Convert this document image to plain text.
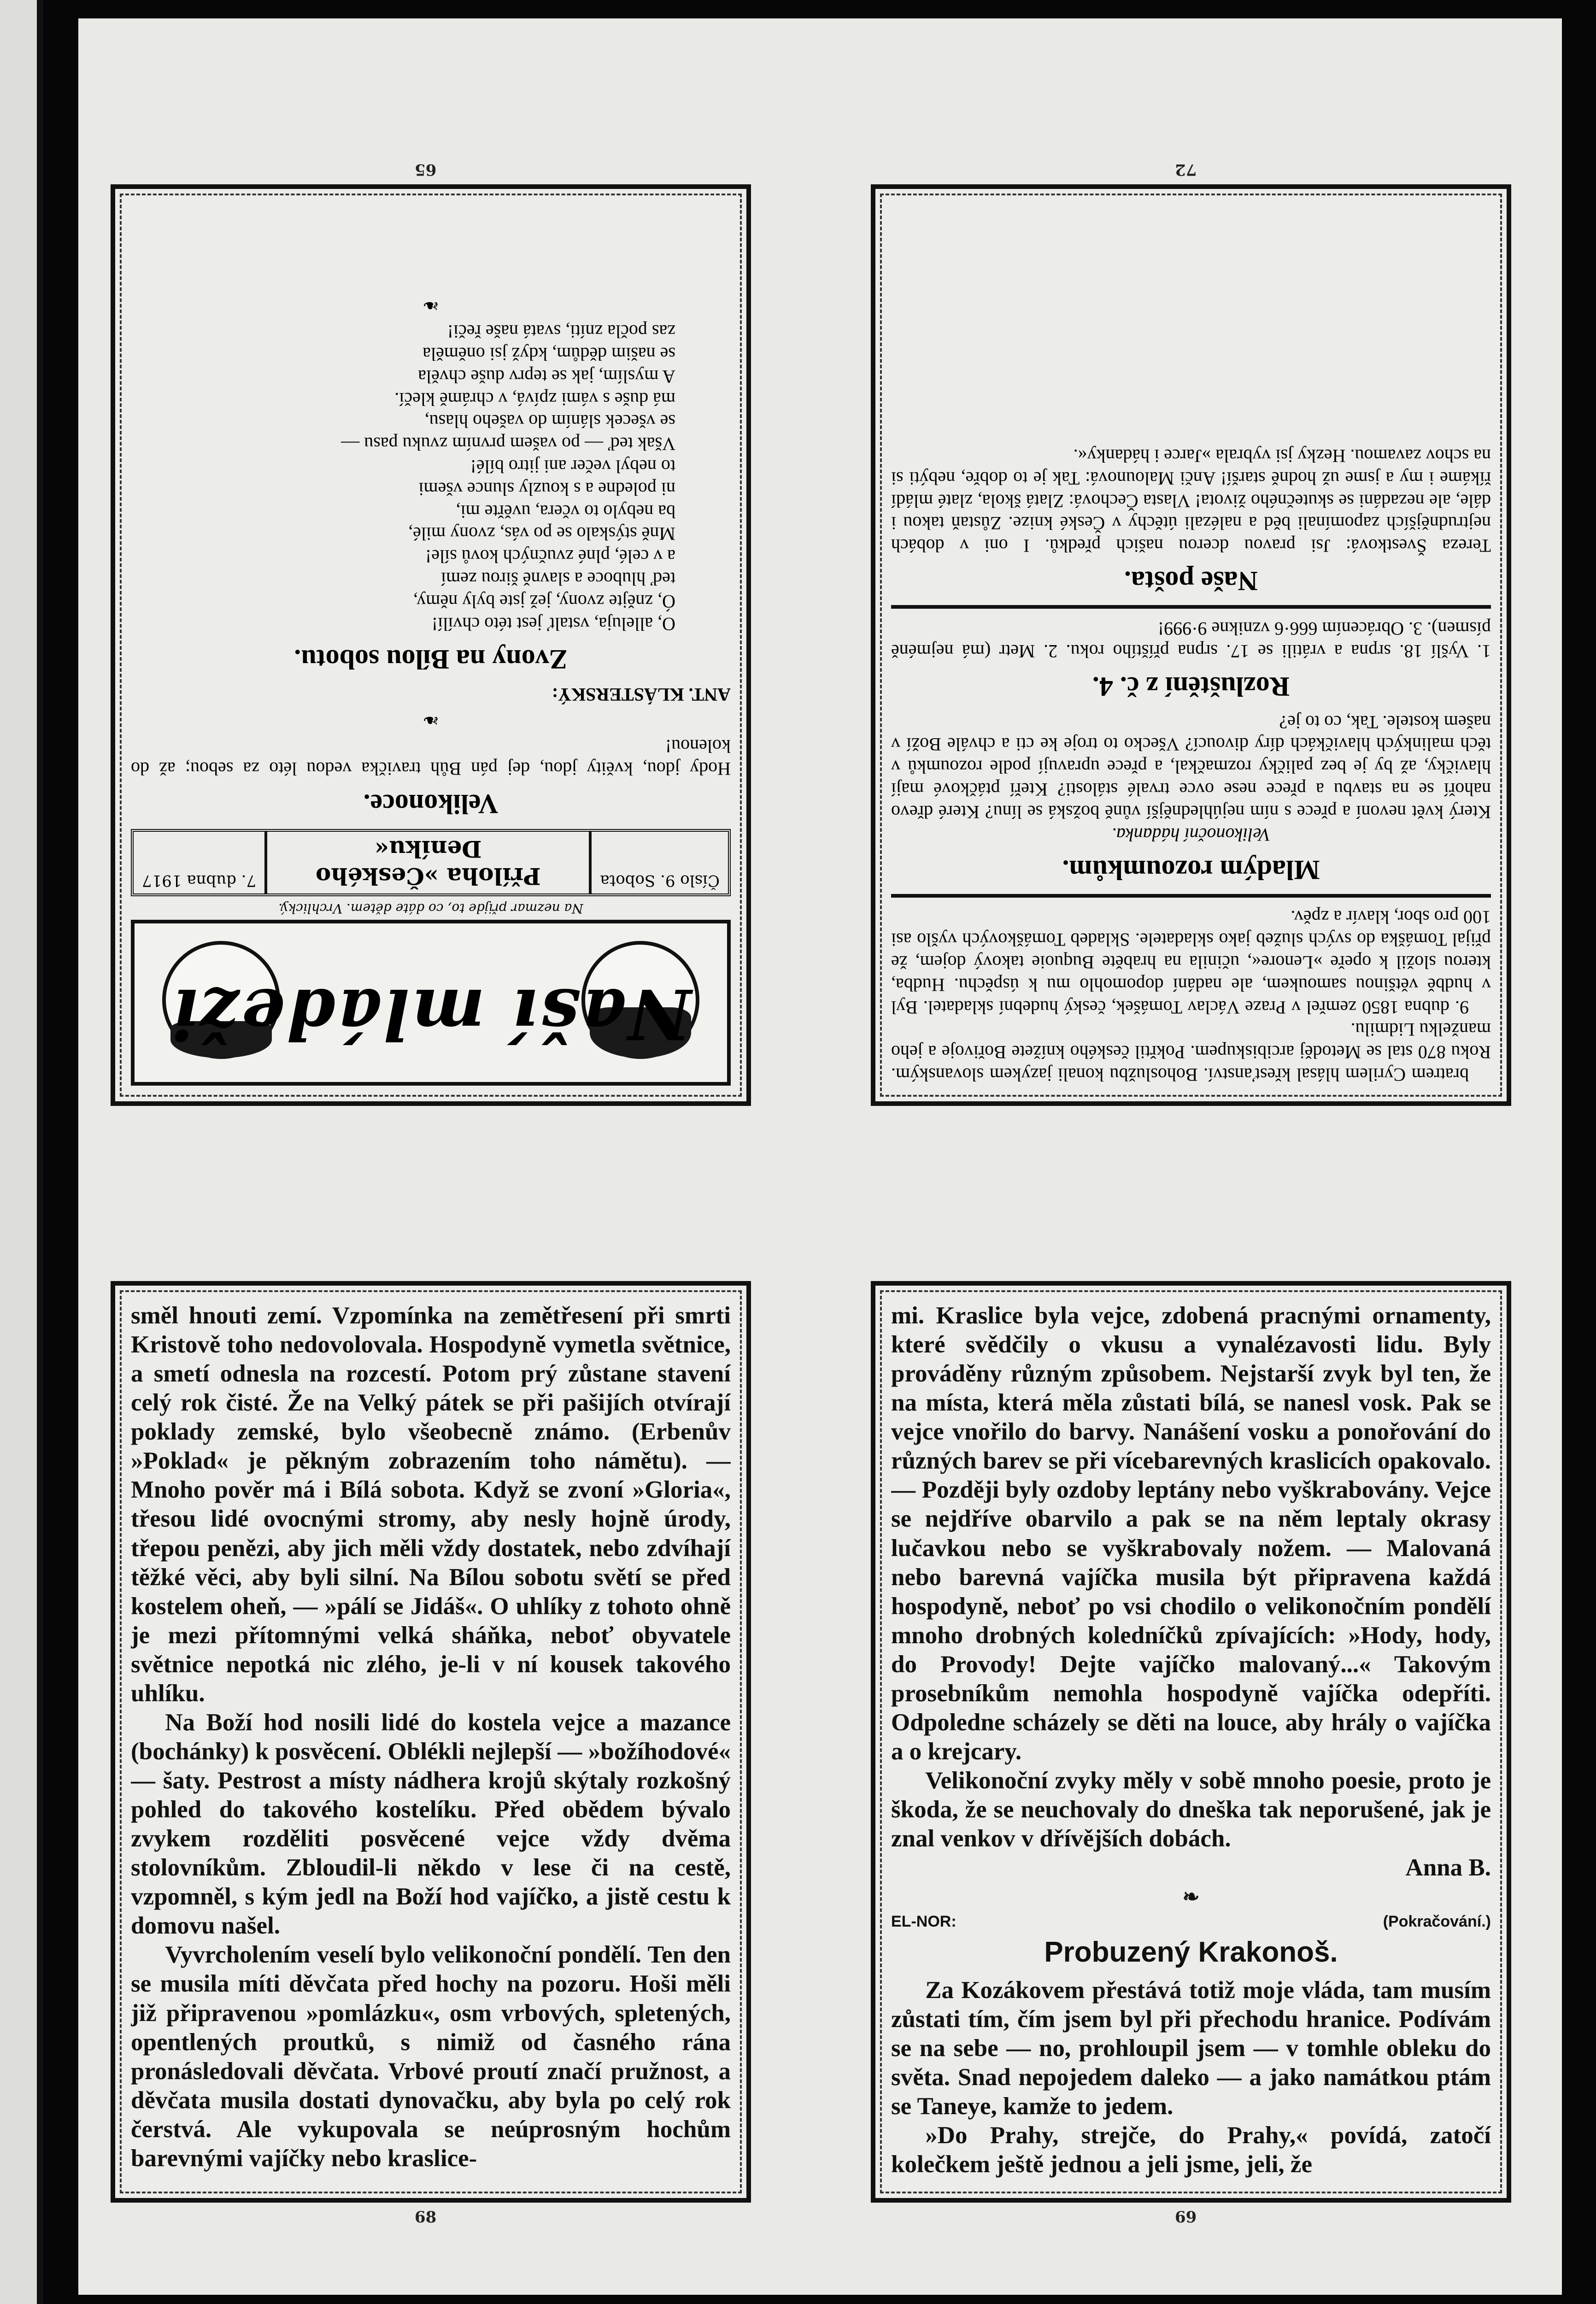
Naší mládeži
Na nezmar přijde to, co dáte dětem. Vrchlický.
Číslo 9. Sobota
Příloha »Českého Deníku«
7. dubna 1917
Velikonoce.

Hody jdou, kvěity jdou, dej pán Bůh travička vedou léto za sebou; až do kolenou!

❧
ANT. KLÁSTERSKÝ:
Zvony na Bílou sobotu.
O, alleluja, vstalť jest této chvílí!
Ó, znějte zvony, jež jste byly němy,
teď hluboce a slavně širou zemí
a v celé, plné zvučných kovů síle!
Mně stýskalo se po vás, zvony milé,
ba nebylo to včera, uvěřte mi,
ni poledne a s kouzly slunce všemi
to nebyl večer ani jitro bílé!
Však teď — po vašem prvním zvuku pasu —
se všecek sláním do vašeho hlasu,
má duše s vámi zpívá, v chrámě klečí.
A myslím, jak se teprv duše chvěla
se našim dědům, když jsi oněměla
zas počla zníti, svatá naše řeči!
❧
65

bratrem Cyrilem hlásal křesťanství. Bohoslužbu konali jazykem slovanským. Roku 870 stal se Metoděj arcibiskupem. Pokřtil českého knížete Bořivoje a jeho manželku Lidmilu.

9. dubna 1850 zemřel v Praze Václav Tomášek, český hudební skladatel. Byl v hudbě většinou samoukem, ale nadání dopomohlo mu k úspěchu. Hudba, kterou složil k opeře »Lenore«, učinila na hraběte Buquoie takový dojem, že přijal Tomáška do svých služeb jako skladatele. Skladeb Tomáškových vyšlo asi 100 pro sbor, klavír a zpěv.

Mladým rozoumkům.
Velikonoční hádanka.

Který květ nevoní a přece s ním nejúhlednější vůně božská se línu? Které dřevo nahoří se na stavbu a přece nese ovce trvalé stálosti? Kteří ptáčkové mají hlavičky, až by je bez paličky rozmačkal, a přece upravují podle rozoumků v těch malinkých hlavičkách díry divoucí? Všecko to troje ke cti a chvále Boží v našem kostele. Tak, co to je?

Rozluštění z č. 4.

1. Vyšlí 18. srpna a vrátili se 17. srpna příštího roku. 2. Metr (má nejméně písmen). 3. Obrácením 666·6 vznikne 9·999!

Naše pošta.

Tereza Švestková: Jsi pravou dcerou našich předků. I oni v dobách nejtrudnějších zapomínali běd a nalézali útěchy v České knize. Zůstaň takou i dále, ale nezadáni se skutečného života! Vlasta Čechová: Zlatá škola, zlaté mládí říkáme i my a jsme už hodně starší! Anči Malounová: Tak je to dobře, nebýti si na schov zavamou. Hezky jsi vybrala »Jarce i hádanky«.

72

směl hnouti zemí. Vzpomínka na zemětřesení při smrti Kristově toho nedovolovala. Hospodyně vymetla světnice, a smetí odnesla na rozcestí. Potom prý zůstane stavení celý rok čisté. Že na Velký pátek se při pašijích otvírají poklady zemské, bylo všeobecně známo. (Erbenův »Poklad« je pěkným zobrazením toho námětu). — Mnoho pověr má i Bílá sobota. Když se zvoní »Gloria«, třesou lidé ovocnými stromy, aby nesly hojně úrody, třepou penězi, aby jich měli vždy dostatek, nebo zdvíhají těžké věci, aby byli silní. Na Bílou sobotu světí se před kostelem oheň, — »pálí se Jidáš«. O uhlíky z tohoto ohně je mezi přítomnými velká sháňka, neboť obyvatele světnice nepotká nic zlého, je-li v ní kousek takového uhlíku.

Na Boží hod nosili lidé do kostela vejce a mazance (bochánky) k posvěcení. Oblékli nejlepší — »božíhodové« — šaty. Pestrost a místy nádhera krojů skýtaly rozkošný pohled do takového kostelíku. Před obědem bývalo zvykem rozděliti posvěcené vejce vždy dvěma stolovníkům. Zbloudil-li někdo v lese či na cestě, vzpomněl, s kým jedl na Boží hod vajíčko, a jistě cestu k domovu našel.

Vyvrcholením veselí bylo velikonoční pondělí. Ten den se musila míti děvčata před hochy na pozoru. Hoši měli již připravenou »pomlázku«, osm vrbových, spletených, opentlených proutků, s nimiž od časného rána pronásledovali děvčata. Vrbové proutí značí pružnost, a děvčata musila dostati dynovačku, aby byla po celý rok čerstvá. Ale vykupovala se neúprosným hochům barevnými vajíčky nebo kraslice-

68

mi. Kraslice byla vejce, zdobená pracnými ornamenty, které svědčily o vkusu a vynalézavosti lidu. Byly prováděny různým způsobem. Nejstarší zvyk byl ten, že na místa, která měla zůstati bílá, se nanesl vosk. Pak se vejce vnořilo do barvy. Nanášení vosku a ponořování do různých barev se při vícebarevných kraslicích opakovalo. — Později byly ozdoby leptány nebo vyškrabovány. Vejce se nejdříve obarvilo a pak se na něm leptaly okrasy lučavkou nebo se vyškrabovaly nožem. — Malovaná nebo barevná vajíčka musila být připravena každá hospodyně, neboť po vsi chodilo o velikonočním pondělí mnoho drobných koledníčků zpívajících: »Hody, hody, do Provody! Dejte vajíčko malovaný...« Takovým prosebníkům nemohla hospodyně vajíčka odepříti. Odpoledne scházely se děti na louce, aby hrály o vajíčka a o krejcary.

Velikonoční zvyky měly v sobě mnoho poesie, proto je škoda, že se neuchovaly do dneška tak neporušené, jak je znal venkov v dřívějších dobách.

Anna B.
❧
EL-NOR:	(Pokračování.)
Probuzený Krakonoš.

Za Kozákovem přestává totiž moje vláda, tam musím zůstati tím, čím jsem byl při přechodu hranice. Podívám se na sebe — no, prohloupil jsem — v tomhle obleku do světa. Snad nepojedem daleko — a jako namátkou ptám se Taneye, kamže to jedem.

»Do Prahy, strejče, do Prahy,« povídá, zatočí kolečkem ještě jednou a jeli jsme, jeli, že

69
